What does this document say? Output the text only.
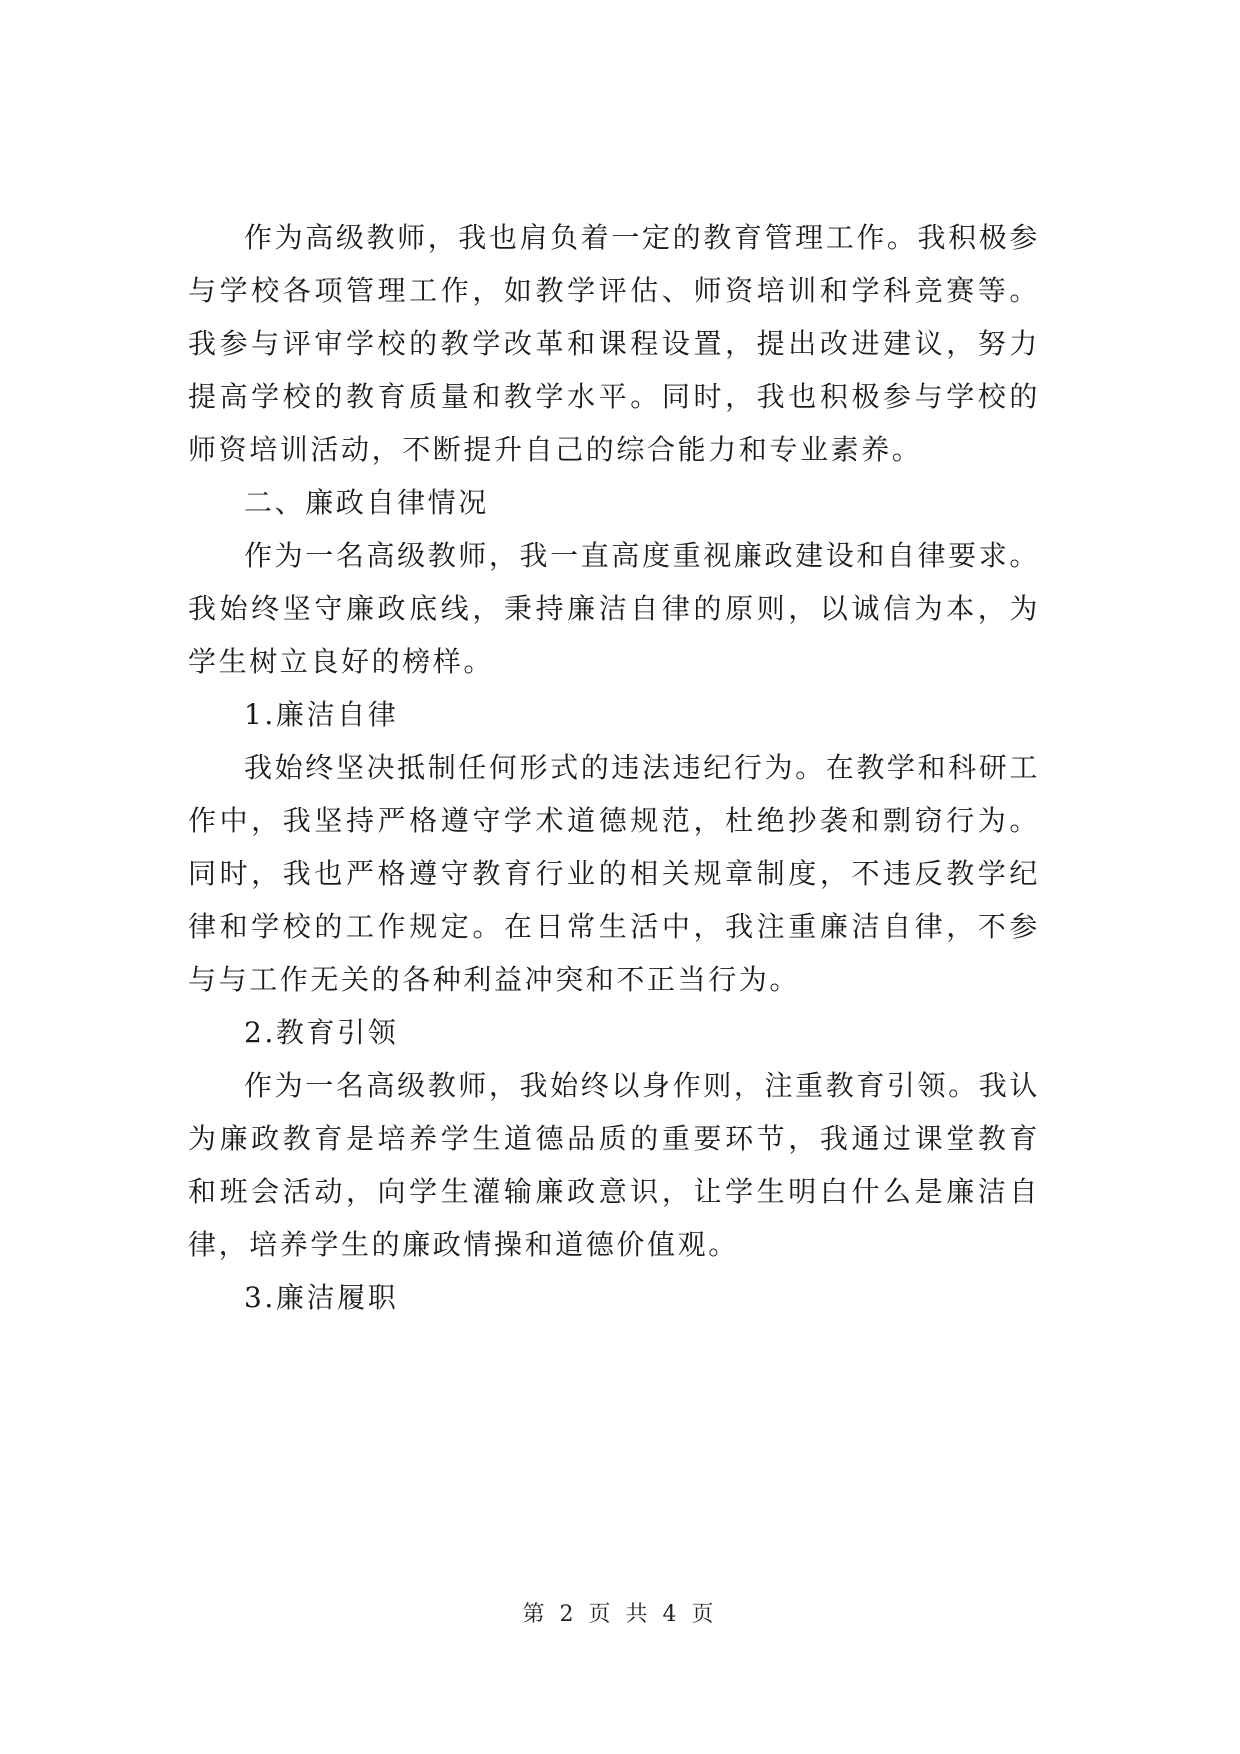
作为高级教师，我也肩负着一定的教育管理工作。我积极参与学校各项管理工作，如教学评估、师资培训和学科竞赛等。我参与评审学校的教学改革和课程设置，提出改进建议，努力提高学校的教育质量和教学水平。同时，我也积极参与学校的师资培训活动，不断提升自己的综合能力和专业素养。

二、廉政自律情况

作为一名高级教师，我一直高度重视廉政建设和自律要求。我始终坚守廉政底线，秉持廉洁自律的原则，以诚信为本，为学生树立良好的榜样。

1.廉洁自律

我始终坚决抵制任何形式的违法违纪行为。在教学和科研工作中，我坚持严格遵守学术道德规范，杜绝抄袭和剽窃行为。同时，我也严格遵守教育行业的相关规章制度，不违反教学纪律和学校的工作规定。在日常生活中，我注重廉洁自律，不参与与工作无关的各种利益冲突和不正当行为。

2.教育引领

作为一名高级教师，我始终以身作则，注重教育引领。我认为廉政教育是培养学生道德品质的重要环节，我通过课堂教育和班会活动，向学生灌输廉政意识，让学生明白什么是廉洁自律，培养学生的廉政情操和道德价值观。

3.廉洁履职

第 2 页 共 4 页
